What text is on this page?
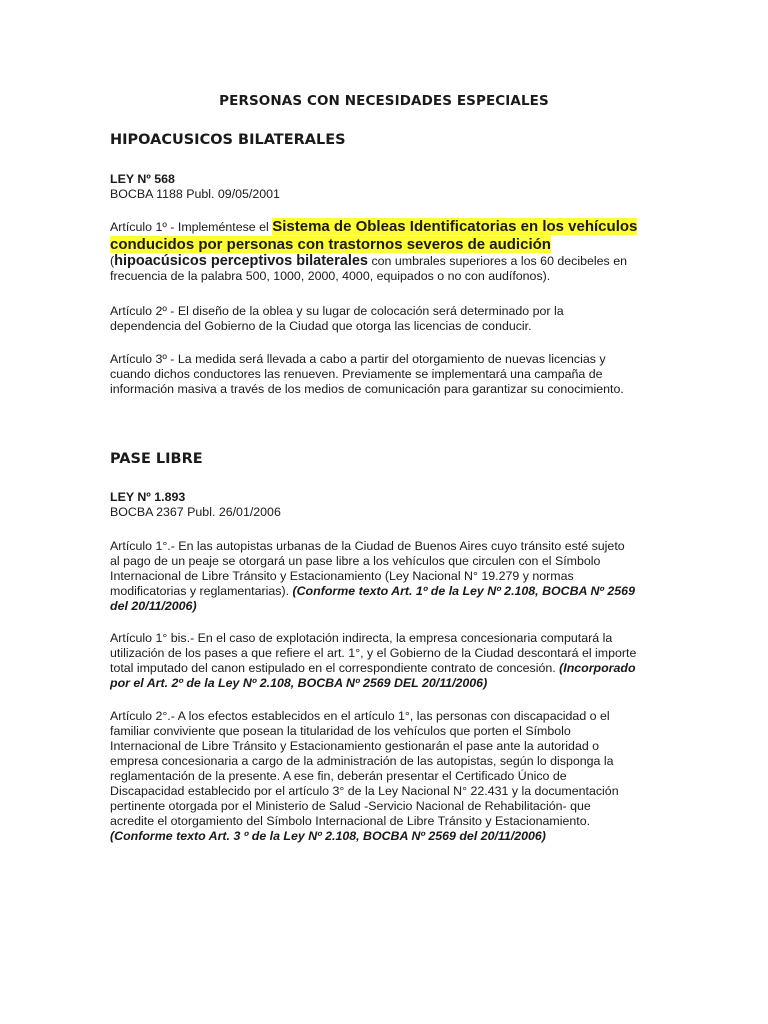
PERSONAS CON NECESIDADES ESPECIALES
HIPOACUSICOS BILATERALES
LEY Nº 568
BOCBA 1188 Publ. 09/05/2001
Artículo 1º - Impleméntese el Sistema de Obleas Identificatorias en los vehículos
conducidos por personas con trastornos severos de audición
(hipoacúsicos perceptivos bilaterales con umbrales superiores a los 60 decibeles en
frecuencia de la palabra 500, 1000, 2000, 4000, equipados o no con audífonos).
Artículo 2º - El diseño de la oblea y su lugar de colocación será determinado por la
dependencia del Gobierno de la Ciudad que otorga las licencias de conducir.
Artículo 3º - La medida será llevada a cabo a partir del otorgamiento de nuevas licencias y
cuando dichos conductores las renueven. Previamente se implementará una campaña de
información masiva a través de los medios de comunicación para garantizar su conocimiento.
PASE LIBRE
LEY Nº 1.893
BOCBA 2367 Publ. 26/01/2006
Artículo 1°.- En las autopistas urbanas de la Ciudad de Buenos Aires cuyo tránsito esté sujeto
al pago de un peaje se otorgará un pase libre a los vehículos que circulen con el Símbolo
Internacional de Libre Tránsito y Estacionamiento (Ley Nacional N° 19.279 y normas
modificatorias y reglamentarias). (Conforme texto Art. 1º de la Ley Nº 2.108, BOCBA Nº 2569
del 20/11/2006)
Artículo 1° bis.- En el caso de explotación indirecta, la empresa concesionaria computará la
utilización de los pases a que refiere el art. 1°, y el Gobierno de la Ciudad descontará el importe
total imputado del canon estipulado en el correspondiente contrato de concesión. (Incorporado
por el Art. 2º de la Ley Nº 2.108, BOCBA Nº 2569 DEL 20/11/2006)
Artículo 2°.- A los efectos establecidos en el artículo 1°, las personas con discapacidad o el
familiar conviviente que posean la titularidad de los vehículos que porten el Símbolo
Internacional de Libre Tránsito y Estacionamiento gestionarán el pase ante la autoridad o
empresa concesionaria a cargo de la administración de las autopistas, según lo disponga la
reglamentación de la presente. A ese fin, deberán presentar el Certificado Único de
Discapacidad establecido por el artículo 3° de la Ley Nacional N° 22.431 y la documentación
pertinente otorgada por el Ministerio de Salud -Servicio Nacional de Rehabilitación- que
acredite el otorgamiento del Símbolo Internacional de Libre Tránsito y Estacionamiento.
(Conforme texto Art. 3 º de la Ley Nº 2.108, BOCBA Nº 2569 del 20/11/2006)
